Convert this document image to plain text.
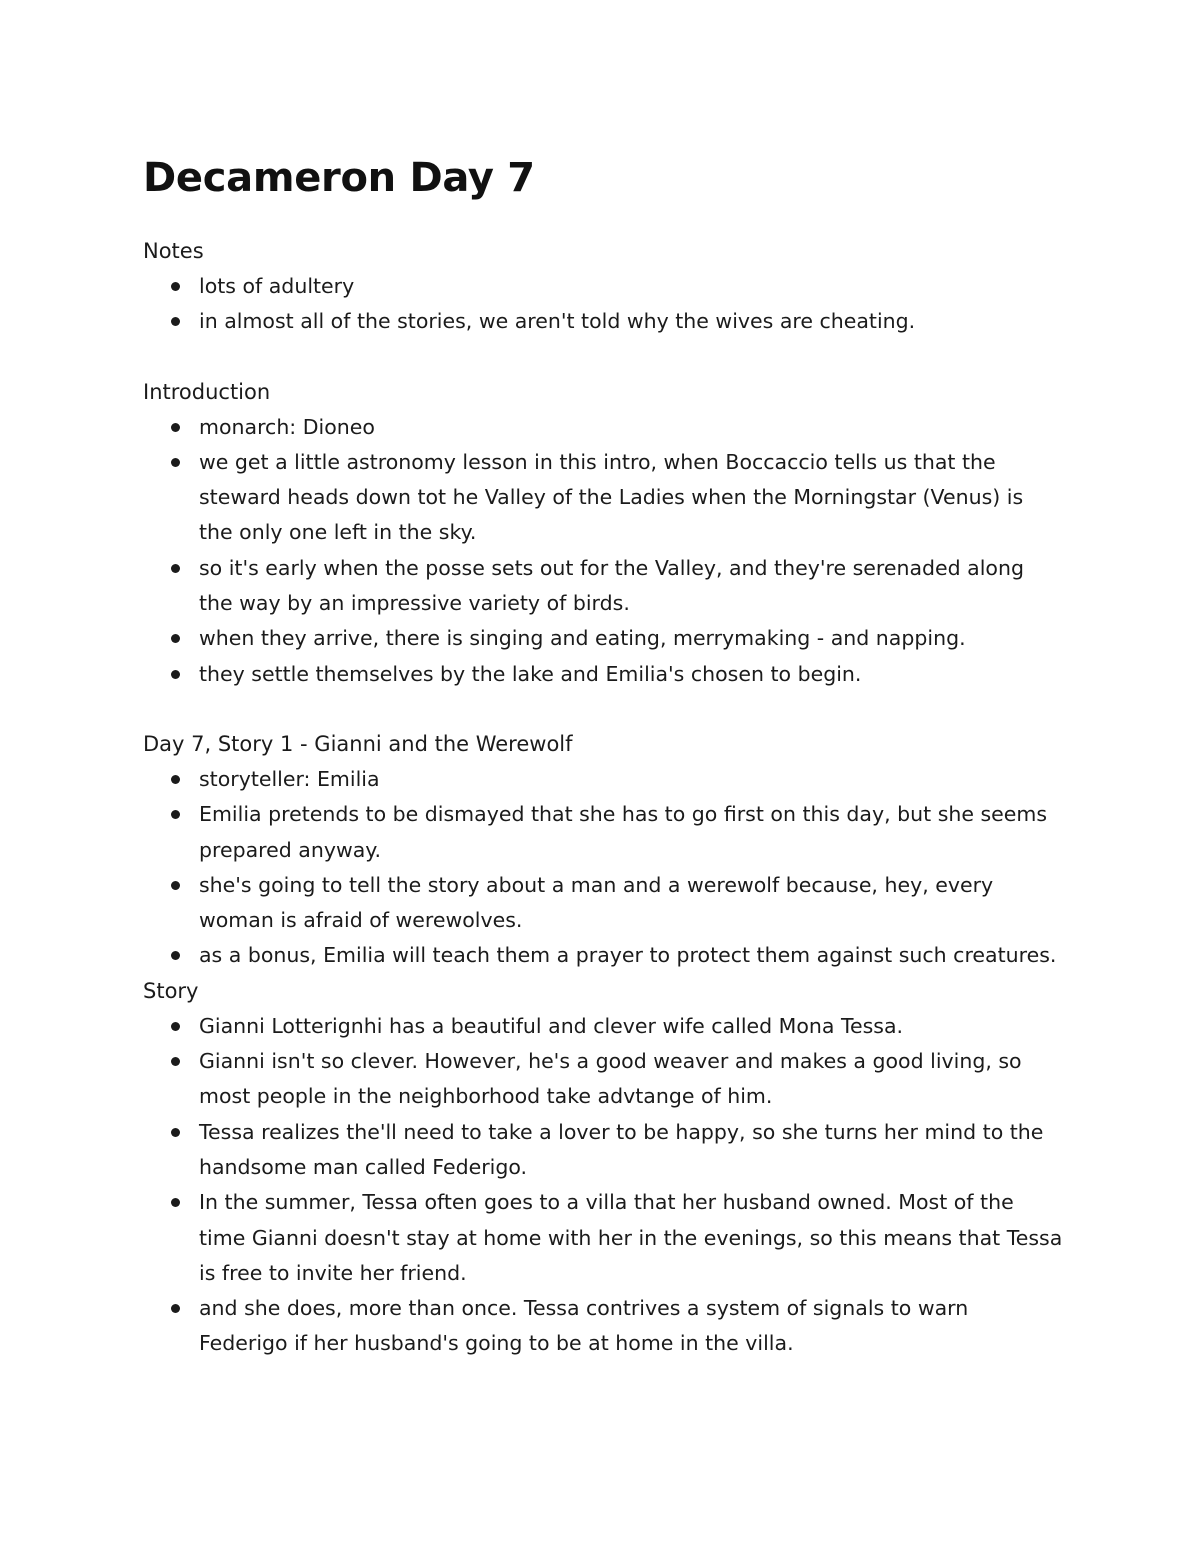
Decameron Day 7
Notes
lots of adultery
in almost all of the stories, we aren't told why the wives are cheating.
Introduction
monarch: Dioneo
we get a little astronomy lesson in this intro, when Boccaccio tells us that the steward heads down tot he Valley of the Ladies when the Morningstar (Venus) is the only one left in the sky.
so it's early when the posse sets out for the Valley, and they're serenaded along the way by an impressive variety of birds.
when they arrive, there is singing and eating, merrymaking - and napping.
they settle themselves by the lake and Emilia's chosen to begin.
Day 7, Story 1 - Gianni and the Werewolf
storyteller: Emilia
Emilia pretends to be dismayed that she has to go first on this day, but she seems prepared anyway.
she's going to tell the story about a man and a werewolf because, hey, every woman is afraid of werewolves.
as a bonus, Emilia will teach them a prayer to protect them against such creatures.
Story
Gianni Lotterignhi has a beautiful and clever wife called Mona Tessa.
Gianni isn't so clever. However, he's a good weaver and makes a good living, so most people in the neighborhood take advtange of him.
Tessa realizes the'll need to take a lover to be happy, so she turns her mind to the handsome man called Federigo.
In the summer, Tessa often goes to a villa that her husband owned. Most of the time Gianni doesn't stay at home with her in the evenings, so this means that Tessa is free to invite her friend.
and she does, more than once. Tessa contrives a system of signals to warn Federigo if her husband's going to be at home in the villa.
